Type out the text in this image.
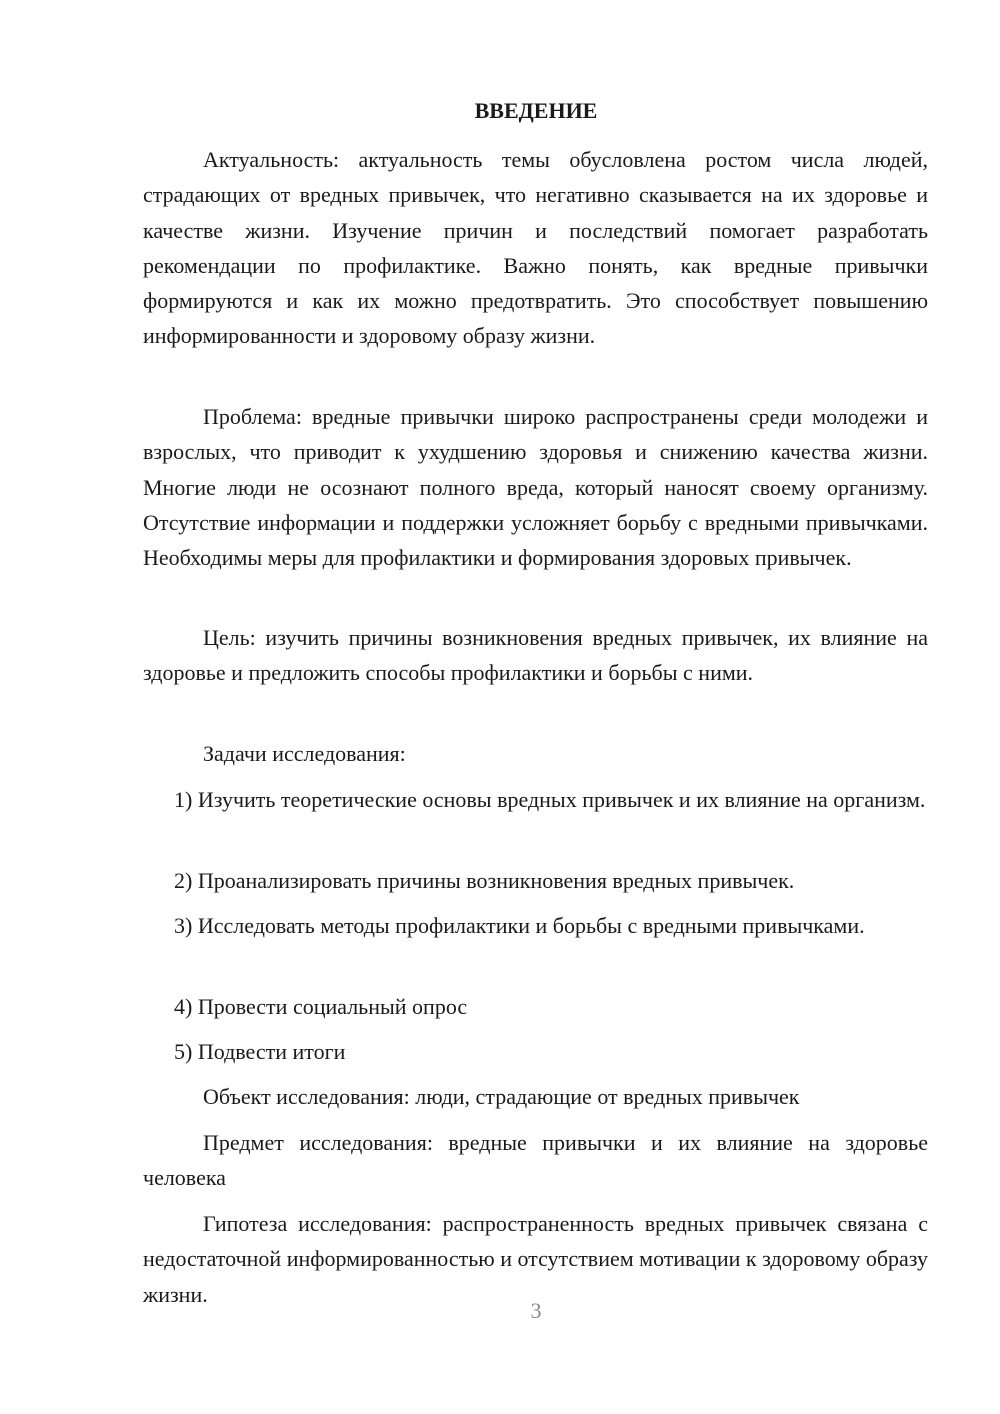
ВВЕДЕНИЕ

Актуальность: актуальность темы обусловлена ростом числа людей, страдающих от вредных привычек, что негативно сказывается на их здоровье и качестве жизни. Изучение причин и последствий помогает разработать рекомендации по профилактике. Важно понять, как вредные привычки формируются и как их можно предотвратить. Это способствует повышению информированности и здоровому образу жизни.

Проблема: вредные привычки широко распространены среди молодежи и взрослых, что приводит к ухудшению здоровья и снижению качества жизни. Многие люди не осознают полного вреда, который наносят своему организму. Отсутствие информации и поддержки усложняет борьбу с вредными привычками. Необходимы меры для профилактики и формирования здоровых привычек.

Цель: изучить причины возникновения вредных привычек, их влияние на здоровье и предложить способы профилактики и борьбы с ними.

Задачи исследования:

1) Изучить теоретические основы вредных привычек и их влияние на организм.

2) Проанализировать причины возникновения вредных привычек.

3) Исследовать методы профилактики и борьбы с вредными привычками.

4) Провести социальный опрос

5) Подвести итоги

Объект исследования: люди, страдающие от вредных привычек

Предмет исследования: вредные привычки и их влияние на здоровье человека

Гипотеза исследования: распространенность вредных привычек связана с недостаточной информированностью и отсутствием мотивации к здоровому образу жизни.

3
